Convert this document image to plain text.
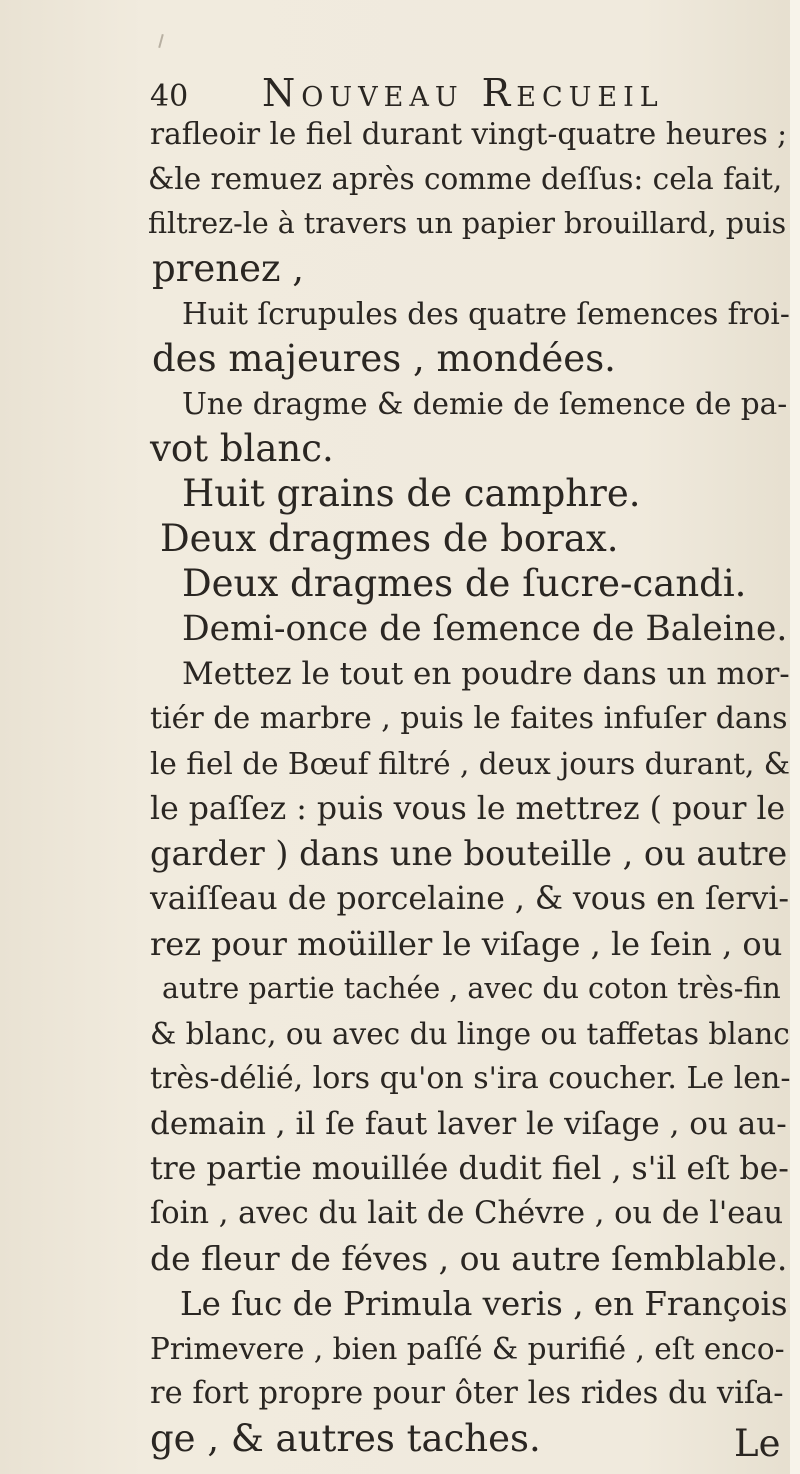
40 Nouveau Recueil
rafleoir le fiel durant vingt-quatre heures ;
&le remuez après comme deſſus: cela fait,
filtrez-le à travers un papier brouillard, puis
prenez ,
Huit ſcrupules des quatre ſemences froi-
des majeures , mondées.
Une dragme & demie de ſemence de pa-
vot blanc.
Huit grains de camphre.
Deux dragmes de borax.
Deux dragmes de ſucre-candi.
Demi-once de ſemence de Baleine.
Mettez le tout en poudre dans un mor-
tiér de marbre , puis le faites infuſer dans
le fiel de Bœuf filtré , deux jours durant, &
le paſſez : puis vous le mettrez ( pour le
garder ) dans une bouteille , ou autre
vaiſſeau de porcelaine , & vous en ſervi-
rez pour moüiller le viſage , le ſein , ou
autre partie tachée , avec du coton très-fin
& blanc, ou avec du linge ou taffetas blanc
très-délié, lors qu'on s'ira coucher. Le len-
demain , il ſe faut laver le viſage , ou au-
tre partie mouillée dudit fiel , s'il eſt be-
ſoin , avec du lait de Chévre , ou de l'eau
de fleur de féves , ou autre ſemblable.
Le ſuc de Primula veris , en François
Primevere , bien paſſé & purifié , eſt enco-
re fort propre pour ôter les rides du viſa-
ge , & autres taches.	Le
